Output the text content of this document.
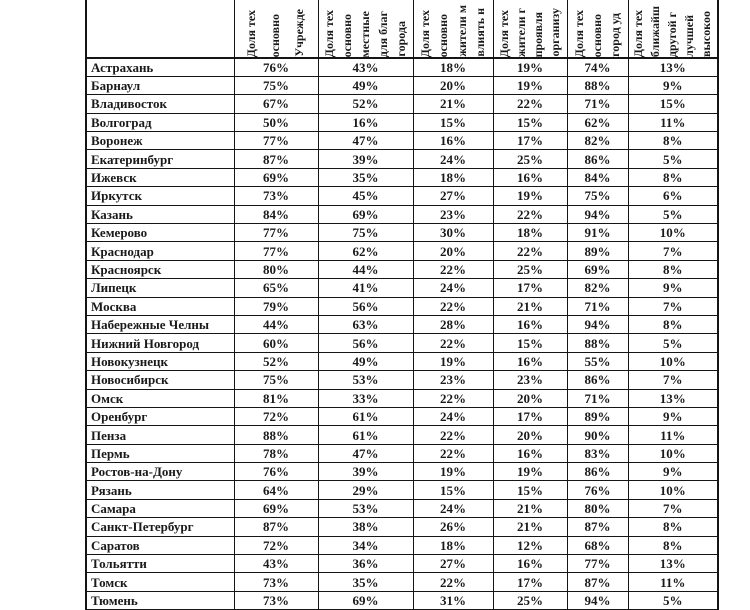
	Доля тех основно Учрежде	Доля тех основно местные для благ города	Доля тех основно жители м влиять н	Доля тех жители г проявля организу	Доля тех основно город уд	Доля тех ближайш другой г лучшей высокоо

Астрахань	76%	43%	18%	19%	74%	13%
Барнаул	75%	49%	20%	19%	88%	9%
Владивосток	67%	52%	21%	22%	71%	15%
Волгоград	50%	16%	15%	15%	62%	11%
Воронеж	77%	47%	16%	17%	82%	8%
Екатеринбург	87%	39%	24%	25%	86%	5%
Ижевск	69%	35%	18%	16%	84%	8%
Иркутск	73%	45%	27%	19%	75%	6%
Казань	84%	69%	23%	22%	94%	5%
Кемерово	77%	75%	30%	18%	91%	10%
Краснодар	77%	62%	20%	22%	89%	7%
Красноярск	80%	44%	22%	25%	69%	8%
Липецк	65%	41%	24%	17%	82%	9%
Москва	79%	56%	22%	21%	71%	7%
Набережные Челны	44%	63%	28%	16%	94%	8%
Нижний Новгород	60%	56%	22%	15%	88%	5%
Новокузнецк	52%	49%	19%	16%	55%	10%
Новосибирск	75%	53%	23%	23%	86%	7%
Омск	81%	33%	22%	20%	71%	13%
Оренбург	72%	61%	24%	17%	89%	9%
Пенза	88%	61%	22%	20%	90%	11%
Пермь	78%	47%	22%	16%	83%	10%
Ростов-на-Дону	76%	39%	19%	19%	86%	9%
Рязань	64%	29%	15%	15%	76%	10%
Самара	69%	53%	24%	21%	80%	7%
Санкт-Петербург	87%	38%	26%	21%	87%	8%
Саратов	72%	34%	18%	12%	68%	8%
Тольятти	43%	36%	27%	16%	77%	13%
Томск	73%	35%	22%	17%	87%	11%
Тюмень	73%	69%	31%	25%	94%	5%
